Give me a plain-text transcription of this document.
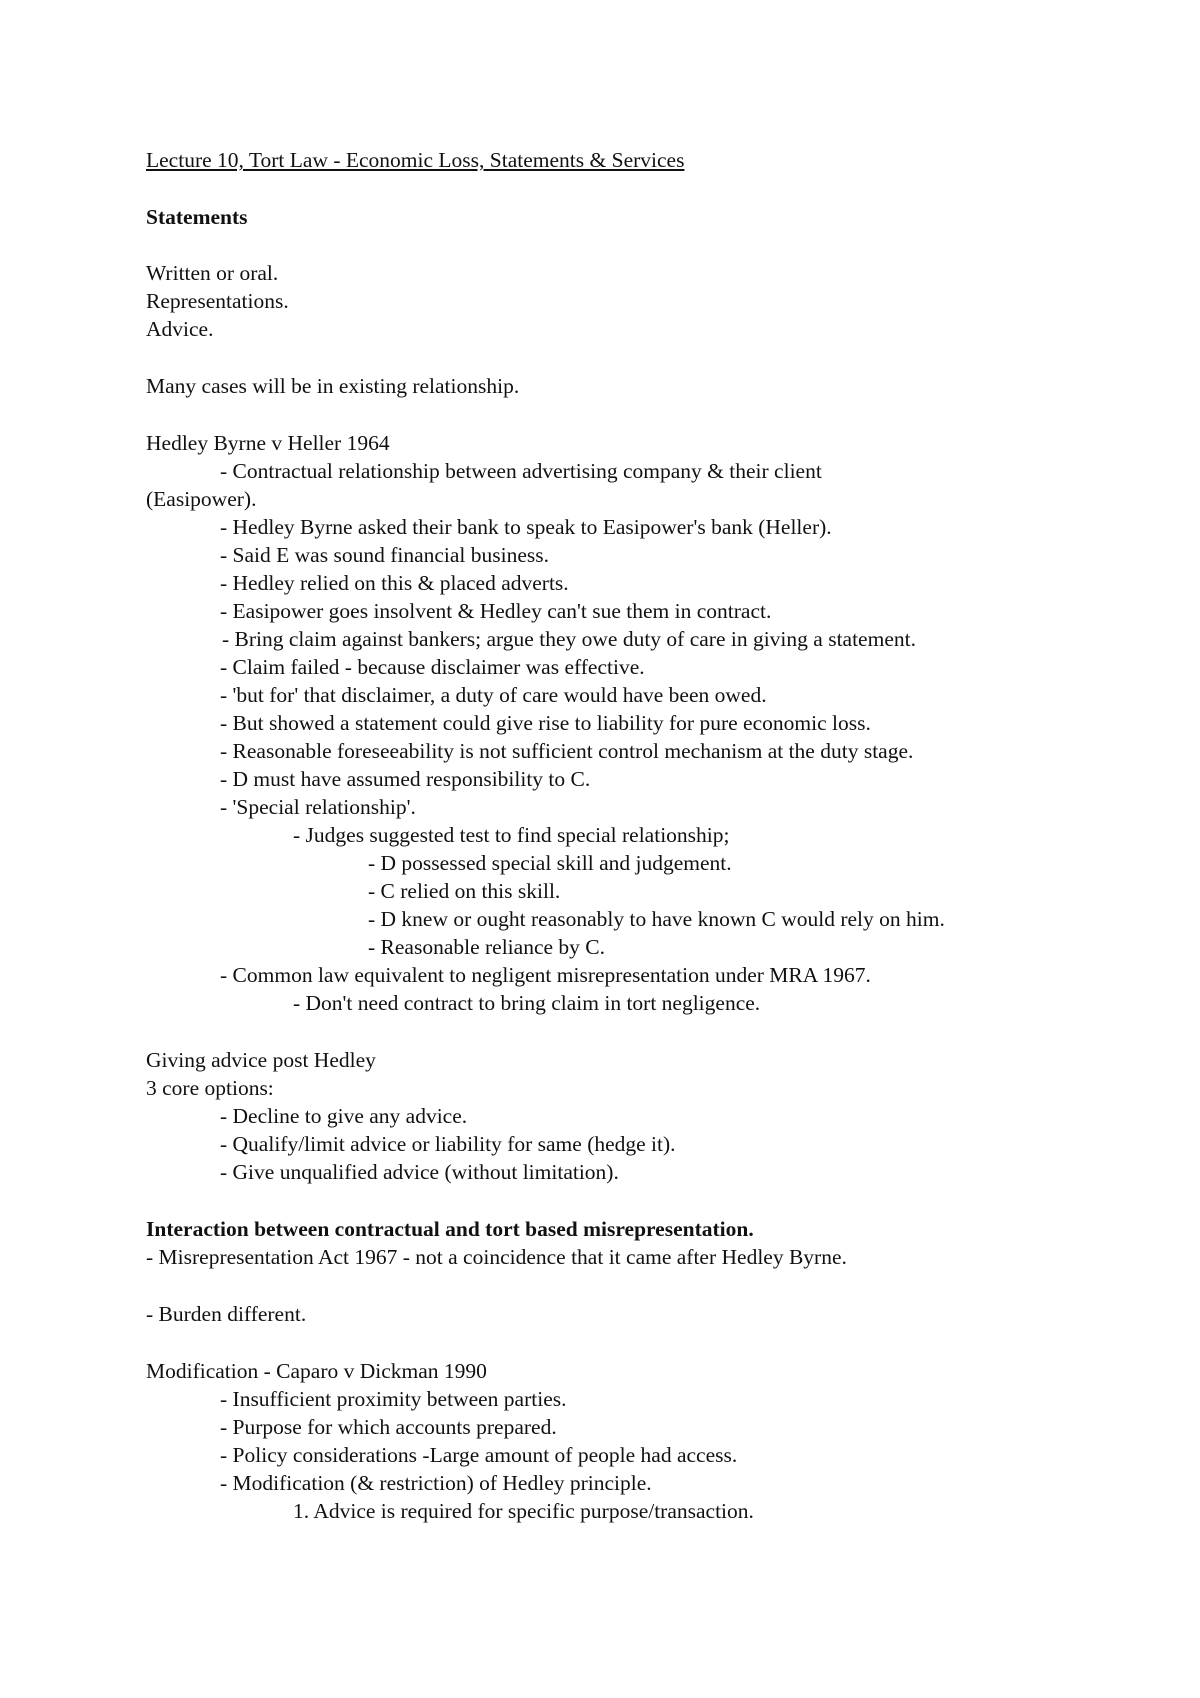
Lecture 10, Tort Law - Economic Loss, Statements & Services
Statements
Written or oral.
Representations.
Advice.
Many cases will be in existing relationship.
Hedley Byrne v Heller 1964
- Contractual relationship between advertising company & their client
(Easipower).
- Hedley Byrne asked their bank to speak to Easipower's bank (Heller).
- Said E was sound financial business.
- Hedley relied on this & placed adverts.
- Easipower goes insolvent & Hedley can't sue them in contract.
- Bring claim against bankers; argue they owe duty of care in giving a statement.
- Claim failed - because disclaimer was effective.
- 'but for' that disclaimer, a duty of care would have been owed.
- But showed a statement could give rise to liability for pure economic loss.
- Reasonable foreseeability is not sufficient control mechanism at the duty stage.
- D must have assumed responsibility to C.
- 'Special relationship'.
- Judges suggested test to find special relationship;
- D possessed special skill and judgement.
- C relied on this skill.
- D knew or ought reasonably to have known C would rely on him.
- Reasonable reliance by C.
- Common law equivalent to negligent misrepresentation under MRA 1967.
- Don't need contract to bring claim in tort negligence.
Giving advice post Hedley
3 core options:
- Decline to give any advice.
- Qualify/limit advice or liability for same (hedge it).
- Give unqualified advice (without limitation).
Interaction between contractual and tort based misrepresentation.
- Misrepresentation Act 1967 - not a coincidence that it came after Hedley Byrne.
- Burden different.
Modification - Caparo v Dickman 1990
- Insufficient proximity between parties.
- Purpose for which accounts prepared.
- Policy considerations -Large amount of people had access.
- Modification (& restriction) of Hedley principle.
1. Advice is required for specific purpose/transaction.
